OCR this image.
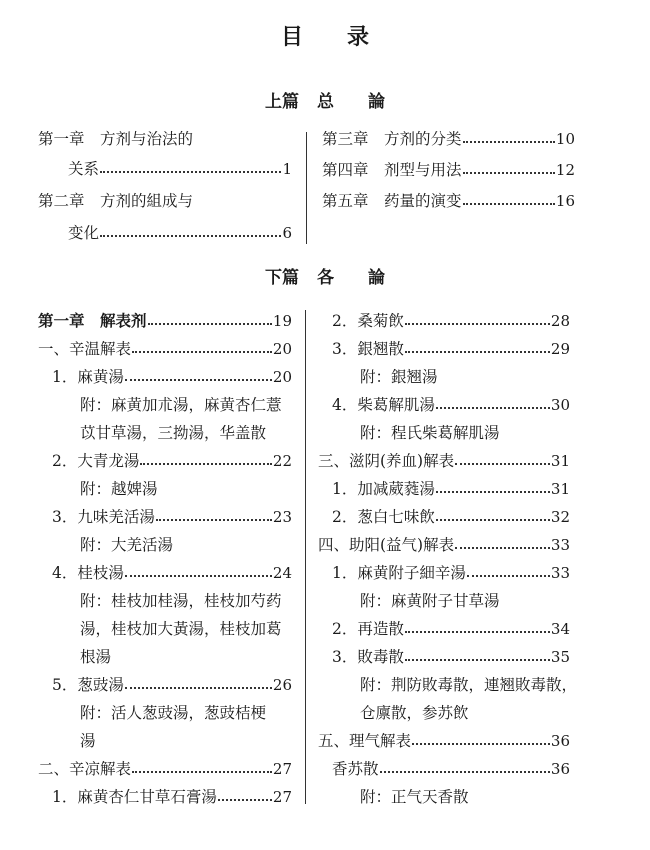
目 录
上篇 总 論
第一章　方剂与治法的
关系	1
第二章　方剂的組成与
变化	6
第三章　方剂的分类	10
第四章　剂型与用法	12
第五章　药量的演变	16
下篇 各 論
第一章　解表剂	19
一、辛温解表	20
1．麻黄湯	20
附：麻黄加朮湯，麻黄杏仁薏
苡甘草湯，三拗湯，华盖散
2．大青龙湯	22
附：越婢湯
3．九味羌活湯	23
附：大羌活湯
4．桂枝湯	24
附：桂枝加桂湯，桂枝加芍药
湯，桂枝加大黃湯，桂枝加葛
根湯
5．葱豉湯	26
附：活人葱豉湯，葱豉桔梗
湯
二、辛凉解表	27
1．麻黄杏仁甘草石膏湯	27
2．桑菊飲	28
3．銀翘散	29
附：銀翘湯
4．柴葛解肌湯	30
附：程氏柴葛解肌湯
三、滋阴(养血)解表	31
1．加减葳蕤湯	31
2．葱白七味飲	32
四、助阳(益气)解表	33
1．麻黄附子細辛湯	33
附：麻黄附子甘草湯
2．再造散	34
3．敗毒散	35
附：荆防敗毒散，連翘敗毒散，
仓廪散，参苏飲
五、理气解表	36
香苏散	36
附：正气天香散
